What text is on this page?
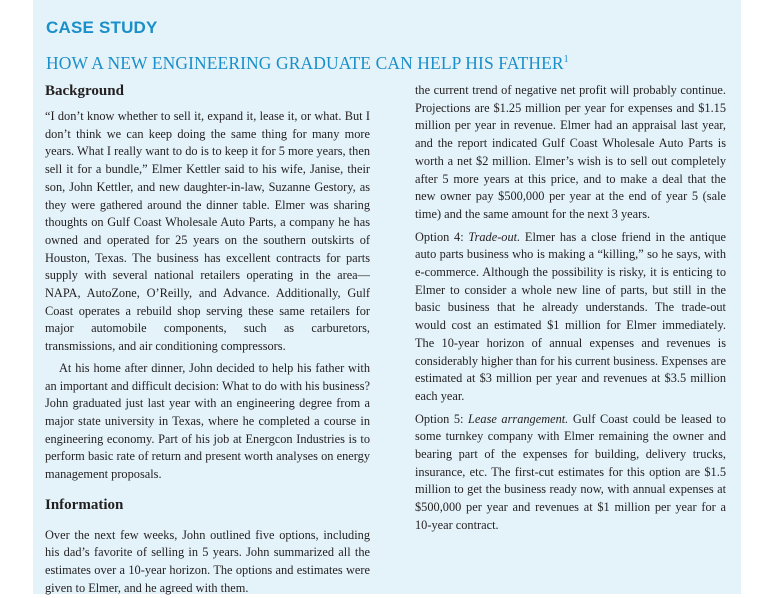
CASE STUDY
HOW A NEW ENGINEERING GRADUATE CAN HELP HIS FATHER$^1$
Background

“I don’t know whether to sell it, expand it, lease it, or what. But I don’t think we can keep doing the same thing for many more years. What I really want to do is to keep it for 5 more years, then sell it for a bundle,” Elmer Kettler said to his wife, Janise, their son, John Kettler, and new daughter-in-law, Suzanne Gestory, as they were gathered around the dinner table. Elmer was sharing thoughts on Gulf Coast Wholesale Auto Parts, a company he has owned and operated for 25 years on the southern outskirts of Houston, Texas. The business has excellent contracts for parts supply with several national retailers operating in the area—NAPA, AutoZone, O’Reilly, and Advance. Additionally, Gulf Coast operates a rebuild shop serving these same retailers for major automobile components, such as carburetors, transmissions, and air conditioning compressors.

At his home after dinner, John decided to help his father with an important and difficult decision: What to do with his business? John graduated just last year with an engineering degree from a major state university in Texas, where he completed a course in engineering economy. Part of his job at Energcon Industries is to perform basic rate of return and present worth analyses on energy management proposals.

Information

Over the next few weeks, John outlined five options, including his dad’s favorite of selling in 5 years. John summarized all the estimates over a 10-year horizon. The options and estimates were given to Elmer, and he agreed with them.

the current trend of negative net profit will probably continue. Projections are $1.25 million per year for expenses and $1.15 million per year in revenue. Elmer had an appraisal last year, and the report indicated Gulf Coast Wholesale Auto Parts is worth a net $2 million. Elmer’s wish is to sell out completely after 5 more years at this price, and to make a deal that the new owner pay $500,000 per year at the end of year 5 (sale time) and the same amount for the next 3 years.

Option 4: Trade-out. Elmer has a close friend in the antique auto parts business who is making a “killing,” so he says, with e-commerce. Although the possibility is risky, it is enticing to Elmer to consider a whole new line of parts, but still in the basic business that he already understands. The trade-out would cost an estimated $1 million for Elmer immediately. The 10-year horizon of annual expenses and revenues is considerably higher than for his current business. Expenses are estimated at $3 million per year and revenues at $3.5 million each year.

Option 5: Lease arrangement. Gulf Coast could be leased to some turnkey company with Elmer remaining the owner and bearing part of the expenses for building, delivery trucks, insurance, etc. The first-cut estimates for this option are $1.5 million to get the business ready now, with annual expenses at $500,000 per year and revenues at $1 million per year for a 10-year contract.
